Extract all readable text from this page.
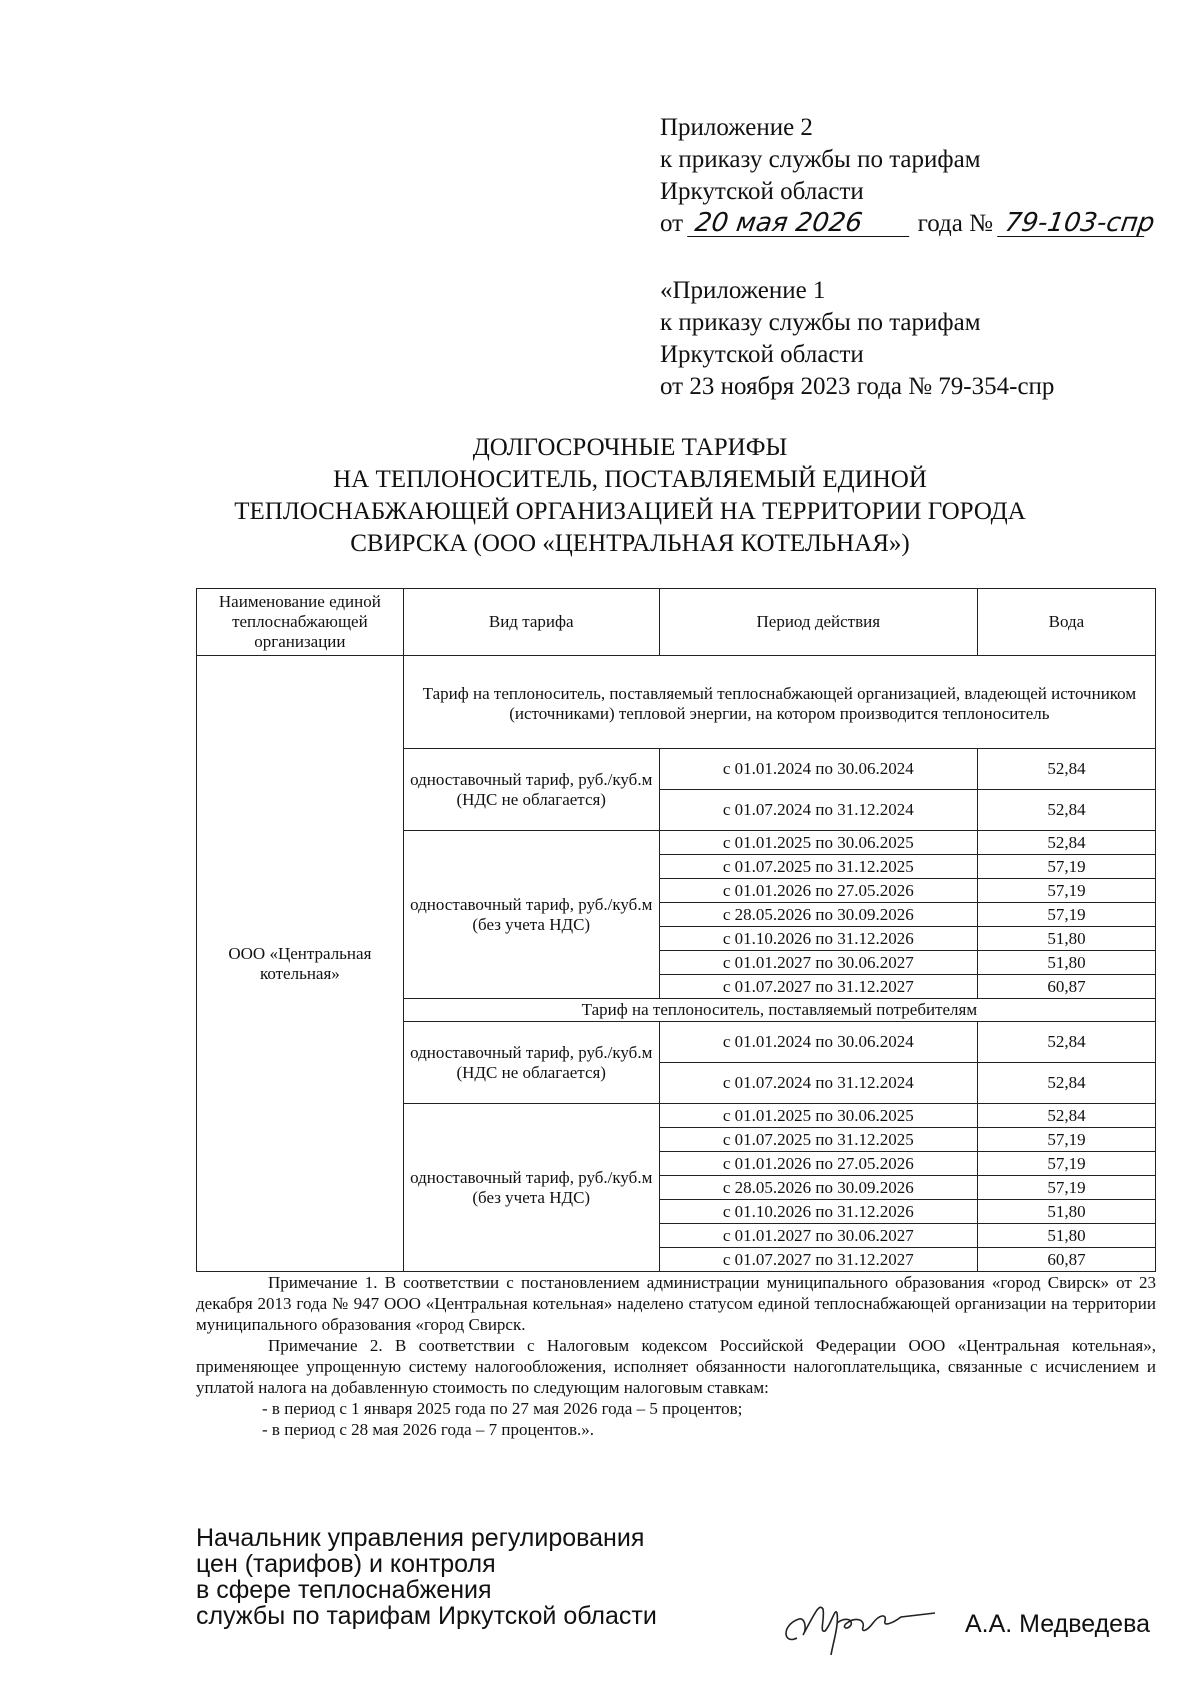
Приложение 2
к приказу службы по тарифам
Иркутской области
от 20 мая 2026 года № 79-103-спр
«Приложение 1
к приказу службы по тарифам
Иркутской области
от 23 ноября 2023 года № 79-354-спр
ДОЛГОСРОЧНЫЕ ТАРИФЫ
НА ТЕПЛОНОСИТЕЛЬ, ПОСТАВЛЯЕМЫЙ ЕДИНОЙ
ТЕПЛОСНАБЖАЮЩЕЙ ОРГАНИЗАЦИЕЙ НА ТЕРРИТОРИИ ГОРОДА
СВИРСКА (ООО «ЦЕНТРАЛЬНАЯ КОТЕЛЬНАЯ»)
Наименование единой теплоснабжающей организации	Вид тарифа	Период действия	Вода
ООО «Центральная котельная»	Тариф на теплоноситель, поставляемый теплоснабжающей организацией, владеющей источником (источниками) тепловой энергии, на котором производится теплоноситель		
	одноставочный тариф, руб./куб.м (НДС не облагается)	с 01.01.2024 по 30.06.2024	52,84
		с 01.07.2024 по 31.12.2024	52,84
	одноставочный тариф, руб./куб.м (без учета НДС)	с 01.01.2025 по 30.06.2025	52,84
		с 01.07.2025 по 31.12.2025	57,19
		с 01.01.2026 по 27.05.2026	57,19
		с 28.05.2026 по 30.09.2026	57,19
		с 01.10.2026 по 31.12.2026	51,80
		с 01.01.2027 по 30.06.2027	51,80
		с 01.07.2027 по 31.12.2027	60,87
	Тариф на теплоноситель, поставляемый потребителям		
	одноставочный тариф, руб./куб.м (НДС не облагается)	с 01.01.2024 по 30.06.2024	52,84
		с 01.07.2024 по 31.12.2024	52,84
	одноставочный тариф, руб./куб.м (без учета НДС)	с 01.01.2025 по 30.06.2025	52,84
		с 01.07.2025 по 31.12.2025	57,19
		с 01.01.2026 по 27.05.2026	57,19
		с 28.05.2026 по 30.09.2026	57,19
		с 01.10.2026 по 31.12.2026	51,80
		с 01.01.2027 по 30.06.2027	51,80
		с 01.07.2027 по 31.12.2027	60,87

Примечание 1. В соответствии с постановлением администрации муниципального образования «город Свирск» от 23 декабря 2013 года № 947 ООО «Центральная котельная» наделено статусом единой теплоснабжающей организации на территории муниципального образования «город Свирск.

Примечание 2. В соответствии с Налоговым кодексом Российской Федерации ООО «Центральная котельная», применяющее упрощенную систему налогообложения, исполняет обязанности налогоплательщика, связанные с исчислением и уплатой налога на добавленную стоимость по следующим налоговым ставкам:

- в период с 1 января 2025 года по 27 мая 2026 года – 5 процентов;

- в период с 28 мая 2026 года – 7 процентов.».

Начальник управления регулирования
цен (тарифов) и контроля
в сфере теплоснабжения
службы по тарифам Иркутской области	А.А. Медведева
